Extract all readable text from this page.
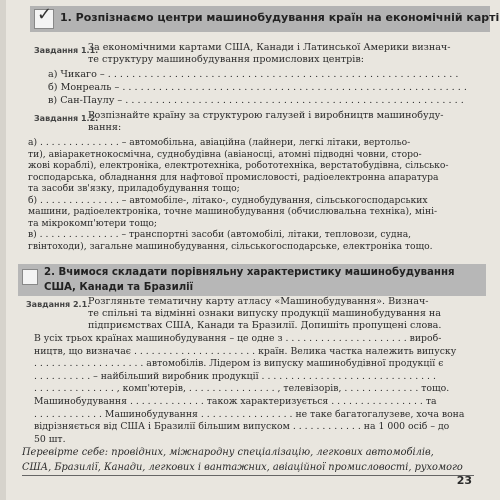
✓ 1. Розпізнаємо центри машинобудування країн на економічній карті
Завдання 1.1.

За економічними картами США, Канади і Латинської Америки визнач-

те структуру машинобудування промислових центрів:

а) Чикаго – . . . . . . . . . . . . . . . . . . . . . . . . . . . . . . . . . . . . . . . . . . . . . . . . . . . . . . . . . .
б) Монреаль – . . . . . . . . . . . . . . . . . . . . . . . . . . . . . . . . . . . . . . . . . . . . . . . . . . . . . . . . .
в) Сан-Паулу – . . . . . . . . . . . . . . . . . . . . . . . . . . . . . . . . . . . . . . . . . . . . . . . . . . . . . . . .
Завдання 1.2.

Розпізнайте країну за структурою галузей і виробництв машинобуду-

вання:

а) . . . . . . . . . . . . . . – автомобільна, авіаційна (лайнери, легкі літаки, вертольо-

ти), авіаракетнокосмічна, суднобудівна (авіаносці, атомні підводні човни, сторо-

жові кораблі), електроніка, електротехніка, робототехніка, верстатобудівна, сільсько-

господарська, обладнання для нафтової промисловості, радіоелектронна апаратура

та засоби зв'язку, приладобудування тощо;

б) . . . . . . . . . . . . . . – автомобіле-, літако-, суднобудування, сільськогосподарських

машини, радіоелектроніка, точне машинобудування (обчислювальна техніка), міні-

та мікрокомп'ютери тощо;

в) . . . . . . . . . . . . . . – транспортні засоби (автомобілі, літаки, тепловози, судна,

гвінтоходи), загальне машинобудування, сільськогосподарське, електроніка тощо.

2. Вчимося складати порівняльну характеристику машинобудування
США, Канади та Бразилії
Завдання 2.1.

Розгляньте тематичну карту атласу «Машинобудування». Визнач-

те спільні та відмінні ознаки випуску продукції машинобудування на

підприємствах США, Канади та Бразилії. Допишіть пропущені слова.

В усіх трьох країнах машинобудування – це одне з . . . . . . . . . . . . . . . . . . . . . вироб-

ництв, що визначає . . . . . . . . . . . . . . . . . . . . . країн. Велика частка належить випуску

. . . . . . . . . . . . . . . . . . . автомобілів. Лідером із випуску машинобудівної продукції є

. . . . . . . . . . – найбільший виробник продукції . . . . . . . . . . . . . . . . . . . . . . . . . . . . . .

. . . . . . . . . . . . . . , комп'ютерів, . . . . . . . . . . . . . . . , телевізорів, . . . . . . . . . . . . . тощо.

Машинобудування . . . . . . . . . . . . . також характеризується . . . . . . . . . . . . . . . . та

. . . . . . . . . . . . Машинобудування . . . . . . . . . . . . . . . . не таке багатогалузеве, хоча вона

відрізняється від США і Бразилії більшим випуском . . . . . . . . . . . . на 1 000 осіб – до

50 шт.

Перевірте себе: провідних, міжнародну спеціалізацію, легкових автомобілів,

США, Бразилії, Канади, легкових і вантажних, авіаційної промисловості, рухомого

23
